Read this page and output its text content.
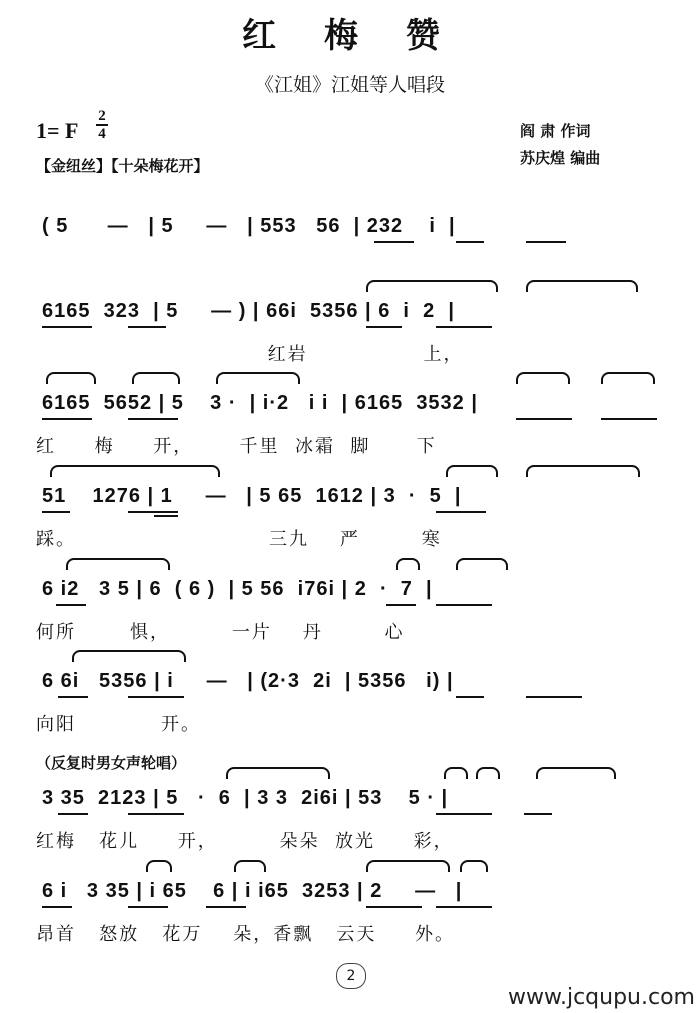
红 梅 赞
《江姐》江姐等人唱段
1= F
2
4	阎 肃 作词
苏庆煌 编曲
【金纽丝】【十朵梅花开】
( 5      —   | 5     —   | 553   56  | 232    i  |
6165  323  | 5     — ) | 66i  5356 | 6  i  2  |
红岩               上，
6165  5652 | 5    3 ·  | i·2   i i  | 6165  3532 |
红     梅     开，      千里  冰霜  脚      下
51    1276 | 1     —   | 5 65  1612 | 3  ·  5  |
踩。                         三九    严        寒
6 i2   3 5 | 6  ( 6 )  | 5 56  i76i | 2  ·  7  |
何所       惧，        一片    丹        心
6 6i   5356 | i     —   | (2·3  2i  | 5356   i) |
向阳           开。
（反复时男女声轮唱）
3 35  2123 | 5   ·  6  | 3 3  2i6i | 53    5 · |
红梅   花儿     开，        朵朵  放光     彩，
6 i   3 35 | i 65    6 | i i65  3253 | 2     —   |
昂首   怒放   花万    朵，香飘   云天     外。
2
www.jcqupu.com
